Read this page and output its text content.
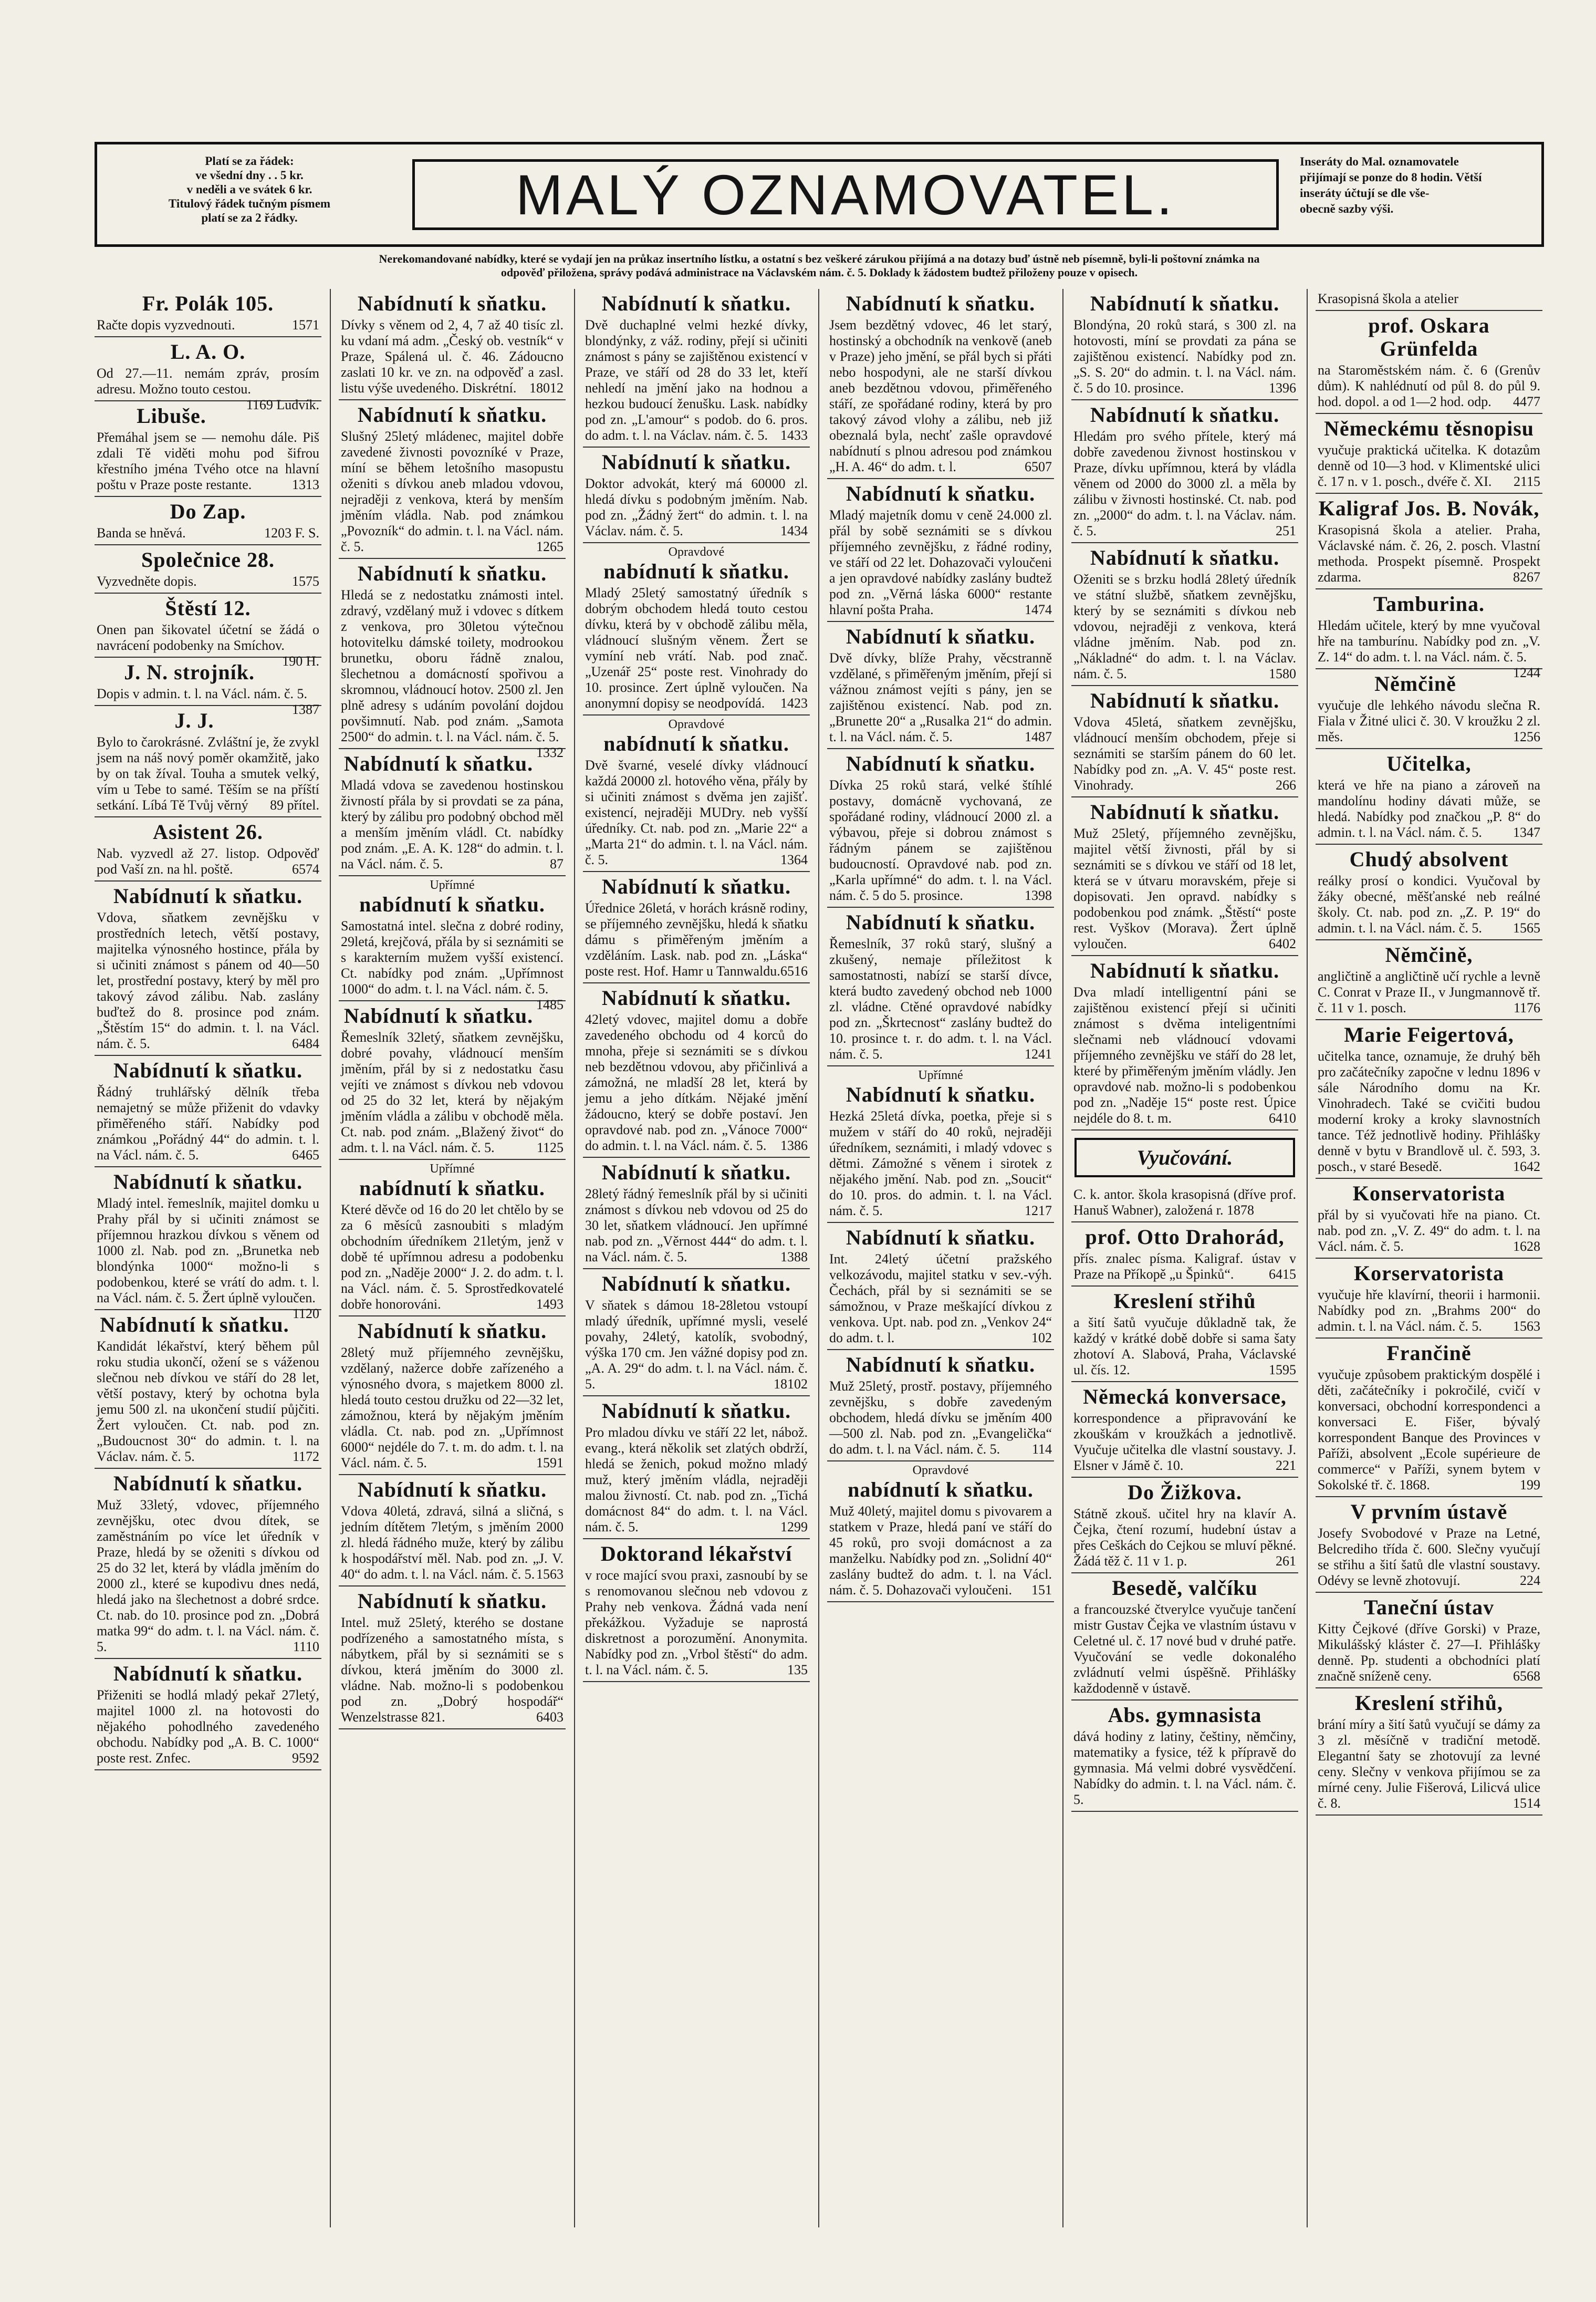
Platí se za řádek:
ve všední dny . . 5 kr.
v neděli a ve svátek 6 kr.
Titulový řádek tučným písmem
platí se za 2 řádky.	MALÝ OZNAMOVATEL.
Inseráty do Mal. oznamovatele
přijímají se ponze do 8 hodin. Větší
inseráty účtují se dle vše-
obecně sazby výši.
Nerekomandované nabídky, které se vydají jen na průkaz insertního lístku, a ostatní s bez veškeré zárukou přijímá a na dotazy buď ústně neb písemně, byli-li poštovní známka na
odpověď přiložena, správy podává administrace na Václavském nám. č. 5. Doklady k žádostem budtež přiloženy pouze v opisech.
Fr. Polák 105.

Račte dopis vyzvednouti.	1571

L. A. O.

Od 27.—11. nemám zpráv, prosím adresu. Možno touto cestou.
1169 Ludvík.

Libuše.

Přemáhal jsem se — nemohu dále. Piš zdali Tě viděti mohu pod šifrou křestního jména Tvého otce na hlavní poštu v Praze poste restante.	1313

Do Zap.

Banda se hněvá.	1203 F. S.

Společnice 28.

Vyzvedněte dopis.	1575

Štěstí 12.

Onen pan šikovatel účetní se žádá o navrácení podobenky na Smíchov.
190 H.

J. N. strojník.

Dopis v admin. t. l. na Václ. nám. č. 5.
1387

J. J.

Bylo to čarokrásné. Zvláštní je, že zvykl jsem na náš nový poměr okamžitě, jako by on tak žíval. Touha a smutek velký, vím u Tebe to samé. Těším se na příští setkání. Líbá Tě Tvůj věrný 89 přítel.

Asistent 26.

Nab. vyzvedl až 27. listop. Odpověď pod Vaší zn. na hl. poště.	6574

Nabídnutí k sňatku.

Vdova, sňatkem zevnějšku v prostředních letech, větší postavy, majitelka výnosného hostince, přála by si učiniti známost s pánem od 40—50 let, prostřední postavy, který by měl pro takový závod zálibu. Nab. zaslány buďtež do 8. prosince pod znám. „Štěstím 15“ do admin. t. l. na Václ. nám. č. 5.	6484

Nabídnutí k sňatku.

Řádný truhlářský dělník třeba nemajetný se může přiženit do vdavky přiměřeného stáří. Nabídky pod známkou „Pořádný 44“ do admin. t. l. na Václ. nám. č. 5.	6465

Nabídnutí k sňatku.

Mladý intel. řemeslník, majitel domku u Prahy přál by si učiniti známost se příjemnou hrazkou dívkou s věnem od 1000 zl. Nab. pod zn. „Brunetka neb blondýnka 1000“ možno-li s podobenkou, které se vrátí do adm. t. l. na Václ. nám. č. 5. Žert úplně vyloučen.
1120

Nabídnutí k sňatku.

Kandidát lékařství, který během půl roku studia ukončí, ožení se s váženou slečnou neb dívkou ve stáří do 28 let, větší postavy, který by ochotna byla jemu 500 zl. na ukončení studií půjčiti. Žert vyloučen. Ct. nab. pod zn. „Budoucnost 30“ do admin. t. l. na Václav. nám. č. 5.	1172

Nabídnutí k sňatku.

Muž 33letý, vdovec, příjemného zevnějšku, otec dvou dítek, se zaměstnáním po více let úředník v Praze, hledá by se oženiti s dívkou od 25 do 32 let, která by vládla jměním do 2000 zl., které se kupodivu dnes nedá, hledá jako na šlechetnost a dobré srdce. Ct. nab. do 10. prosince pod zn. „Dobrá matka 99“ do adm. t. l. na Václ. nám. č. 5.	1110

Nabídnutí k sňatku.

Přiženiti se hodlá mladý pekař 27letý, majitel 1000 zl. na hotovosti do nějakého pohodlného zavedeného obchodu. Nabídky pod „A. B. C. 1000“ poste rest. Znfec.	9592

Nabídnutí k sňatku.

Dívky s věnem od 2, 4, 7 až 40 tisíc zl. ku vdaní má adm. „Český ob. vestník“ v Praze, Spálená ul. č. 46. Zádoucno zaslati 10 kr. ve zn. na odpověď a zasl. listu výše uvedeného. Diskrétní. 18012

Nabídnutí k sňatku.

Slušný 25letý mládenec, majitel dobře zavedené živnosti povozníké v Praze, míní se během letošního masopustu oženiti s dívkou aneb mladou vdovou, nejraději z venkova, která by menším jměním vládla. Nab. pod známkou „Povozník“ do admin. t. l. na Václ. nám. č. 5.	1265

Nabídnutí k sňatku.

Hledá se z nedostatku známosti intel. zdravý, vzdělaný muž i vdovec s dítkem z venkova, pro 30letou výtečnou hotovitelku dámské toilety, modrookou brunetku, oboru řádně znalou, šlechetnou a domácností spořivou a skromnou, vládnoucí hotov. 2500 zl. Jen plně adresy s udáním povolání dojdou povšimnutí. Nab. pod znám. „Samota 2500“ do admin. t. l. na Václ. nám. č. 5.
1332

Nabídnutí k sňatku.

Mladá vdova se zavedenou hostinskou živností přála by si provdati se za pána, který by zálibu pro podobný obchod měl a menším jměním vládl. Ct. nabídky pod znám. „E. A. K. 128“ do admin. t. l. na Václ. nám. č. 5.	87

Upřímné
nabídnutí k sňatku.

Samostatná intel. slečna z dobré rodiny, 29letá, krejčová, přála by si seznámiti se s karakterním mužem vyšší existencí. Ct. nabídky pod znám. „Upřímnost 1000“ do adm. t. l. na Václ. nám. č. 5.
1485

Nabídnutí k sňatku.

Řemeslník 32letý, sňatkem zevnějšku, dobré povahy, vládnoucí menším jměním, přál by si z nedostatku času vejíti ve známost s dívkou neb vdovou od 25 do 32 let, která by nějakým jměním vládla a zálibu v obchodě měla. Ct. nab. pod znám. „Blažený život“ do adm. t. l. na Václ. nám. č. 5.	1125

Upřímné
nabídnutí k sňatku.

Které děvče od 16 do 20 let chtělo by se za 6 měsíců zasnoubiti s mladým obchodním úředníkem 21letým, jenž v době té upřímnou adresu a podobenku pod zn. „Naděje 2000“ J. 2. do adm. t. l. na Václ. nám. č. 5. Sprostředkovatelé dobře honorováni.	1493

Nabídnutí k sňatku.

28letý muž příjemného zevnějšku, vzdělaný, nažerce dobře zařízeného a výnosného dvora, s majetkem 8000 zl. hledá touto cestou družku od 22—32 let, zámožnou, která by nějakým jměním vládla. Ct. nab. pod zn. „Upřímnost 6000“ nejdéle do 7. t. m. do adm. t. l. na Václ. nám. č. 5.	1591

Nabídnutí k sňatku.

Vdova 40letá, zdravá, silná a sličná, s jedním dítětem 7letým, s jměním 2000 zl. hledá řádného muže, který by zálibu k hospodářství měl. Nab. pod zn. „J. V. 40“ do adm. t. l. na Václ. nám. č. 5. 1563

Nabídnutí k sňatku.

Intel. muž 25letý, kterého se dostane podřízeného a samostatného místa, s nábytkem, přál by si seznámiti se s dívkou, která jměním do 3000 zl. vládne. Nab. možno-li s podobenkou pod zn. „Dobrý hospodář“ Wenzelstrasse 821.	6403

Nabídnutí k sňatku.

Dvě duchaplné velmi hezké dívky, blondýnky, z váž. rodiny, přejí si učiniti známost s pány se zajištěnou existencí v Praze, ve stáří od 28 do 33 let, kteří nehledí na jmění jako na hodnou a hezkou budoucí ženušku. Lask. nabídky pod zn. „L'amour“ s podob. do 6. pros. do adm. t. l. na Václav. nám. č. 5. 1433

Nabídnutí k sňatku.

Doktor advokát, který má 60000 zl. hledá dívku s podobným jměním. Nab. pod zn. „Žádný žert“ do admin. t. l. na Václav. nám. č. 5.	1434

Opravdové
nabídnutí k sňatku.

Mladý 25letý samostatný úředník s dobrým obchodem hledá touto cestou dívku, která by v obchodě zálibu měla, vládnoucí slušným věnem. Žert se vymíní neb vrátí. Nab. pod znač. „Uzenář 25“ poste rest. Vinohrady do 10. prosince. Zert úplně vyloučen. Na anonymní dopisy se neodpovídá. 1423

Opravdové
nabídnutí k sňatku.

Dvě švarné, veselé dívky vládnoucí každá 20000 zl. hotového věna, přály by si učiniti známost s dvěma jen zajišť. existencí, nejraději MUDry. neb vyšší úředníky. Ct. nab. pod zn. „Marie 22“ a „Marta 21“ do admin. t. l. na Václ. nám. č. 5.	1364

Nabídnutí k sňatku.

Úřednice 26letá, v horách krásně rodiny, se příjemného zevnějšku, hledá k sňatku dámu s přiměřeným jměním a vzděláním. Lask. nab. pod zn. „Láska“ poste rest. Hof. Hamr u Tannwaldu. 6516

Nabídnutí k sňatku.

42letý vdovec, majitel domu a dobře zavedeného obchodu od 4 korců do mnoha, přeje si seznámiti se s dívkou neb bezdětnou vdovou, aby přičinlivá a zámožná, ne mladší 28 let, která by jemu a jeho dítkám. Nějaké jmění žádoucno, který se dobře postaví. Jen opravdové nab. pod zn. „Vánoce 7000“ do admin. t. l. na Václ. nám. č. 5. 1386

Nabídnutí k sňatku.

28letý řádný řemeslník přál by si učiniti známost s dívkou neb vdovou od 25 do 30 let, sňatkem vládnoucí. Jen upřímné nab. pod zn. „Věrnost 444“ do adm. t. l. na Václ. nám. č. 5.	1388

Nabídnutí k sňatku.

V sňatek s dámou 18-28letou vstoupí mladý úředník, upřímné mysli, veselé povahy, 24letý, katolík, svobodný, výška 170 cm. Jen vážné dopisy pod zn. „A. A. 29“ do adm. t. l. na Václ. nám. č. 5.	18102

Nabídnutí k sňatku.

Pro mladou dívku ve stáří 22 let, nábož. evang., která několik set zlatých obdrží, hledá se ženich, pokud možno mladý muž, který jměním vládla, nejraději malou živností. Ct. nab. pod zn. „Tichá domácnost 84“ do adm. t. l. na Václ. nám. č. 5.	1299

Doktorand lékařství

v roce mající svou praxi, zasnoubí by se s renomovanou slečnou neb vdovou z Prahy neb venkova. Žádná vada není překážkou. Vyžaduje se naprostá diskretnost a porozumění. Anonymita. Nabídky pod zn. „Vrbol štěstí“ do adm. t. l. na Václ. nám. č. 5.	135

Nabídnutí k sňatku.

Jsem bezdětný vdovec, 46 let starý, hostinský a obchodník na venkově (aneb v Praze) jeho jmění, se přál bych si přáti nebo hospodyni, ale ne starší dívkou aneb bezdětnou vdovou, přiměřeného stáří, ze spořádané rodiny, která by pro takový závod vlohy a zálibu, neb již obeznalá byla, nechť zašle opravdové nabídnutí s plnou adresou pod známkou „H. A. 46“ do adm. t. l.	6507

Nabídnutí k sňatku.

Mladý majetník domu v ceně 24.000 zl. přál by sobě seznámiti se s dívkou příjemného zevnějšku, z řádné rodiny, ve stáří od 22 let. Dohazovači vyloučeni a jen opravdové nabídky zaslány budtež pod zn. „Věrná láska 6000“ restante hlavní pošta Praha.	1474

Nabídnutí k sňatku.

Dvě dívky, blíže Prahy, věcstranně vzdělané, s přiměřeným jměním, přejí si vážnou známost vejíti s pány, jen se zajištěnou existencí. Nab. pod zn. „Brunette 20“ a „Rusalka 21“ do admin. t. l. na Václ. nám. č. 5.	1487

Nabídnutí k sňatku.

Dívka 25 roků stará, velké štíhlé postavy, domácně vychovaná, ze spořádané rodiny, vládnoucí 2000 zl. a výbavou, přeje si dobrou známost s řádným pánem se zajištěnou budoucností. Opravdové nab. pod zn. „Karla upřímné“ do adm. t. l. na Václ. nám. č. 5 do 5. prosince.	1398

Nabídnutí k sňatku.

Řemeslník, 37 roků starý, slušný a zkušený, nemaje příležitost k samostatnosti, nabízí se starší dívce, která budto zavedený obchod neb 1000 zl. vládne. Ctěné opravdové nabídky pod zn. „Škrtecnost“ zaslány budtež do 10. prosince t. r. do adm. t. l. na Václ. nám. č. 5.	1241

Upřímné
Nabídnutí k sňatku.

Hezká 25letá dívka, poetka, přeje si s mužem v stáří do 40 roků, nejraději úředníkem, seznámiti, i mladý vdovec s dětmi. Zámožné s věnem i sirotek z nějakého jmění. Nab. pod zn. „Soucit“ do 10. pros. do admin. t. l. na Václ. nám. č. 5.	1217

Nabídnutí k sňatku.

Int. 24letý účetní pražského velkozávodu, majitel statku v sev.-výh. Čechách, přál by si seznámiti se se sámožnou, v Praze meškající dívkou z venkova. Upt. nab. pod zn. „Venkov 24“ do adm. t. l.	102

Nabídnutí k sňatku.

Muž 25letý, prostř. postavy, příjemného zevnějšku, s dobře zavedeným obchodem, hledá dívku se jměním 400—500 zl. Nab. pod zn. „Evangelička“ do adm. t. l. na Václ. nám. č. 5. 114

Opravdové
nabídnutí k sňatku.

Muž 40letý, majitel domu s pivovarem a statkem v Praze, hledá paní ve stáří do 45 roků, pro svoji domácnost a za manželku. Nabídky pod zn. „Solidní 40“ zaslány budtež do adm. t. l. na Václ. nám. č. 5. Dohazovači vyloučeni. 151

Nabídnutí k sňatku.

Blondýna, 20 roků stará, s 300 zl. na hotovosti, míní se provdati za pána se zajištěnou existencí. Nabídky pod zn. „S. S. 20“ do admin. t. l. na Václ. nám. č. 5 do 10. prosince.	1396

Nabídnutí k sňatku.

Hledám pro svého přítele, který má dobře zavedenou živnost hostinskou v Praze, dívku upřímnou, která by vládla věnem od 2000 do 3000 zl. a měla by zálibu v živnosti hostinské. Ct. nab. pod zn. „2000“ do adm. t. l. na Václav. nám. č. 5.	251

Nabídnutí k sňatku.

Oženiti se s brzku hodlá 28letý úředník ve státní službě, sňatkem zevnějšku, který by se seznámiti s dívkou neb vdovou, nejraději z venkova, která vládne jměním. Nab. pod zn. „Nákladné“ do adm. t. l. na Václav. nám. č. 5.	1580

Nabídnutí k sňatku.

Vdova 45letá, sňatkem zevnějšku, vládnoucí menším obchodem, přeje si seznámiti se starším pánem do 60 let. Nabídky pod zn. „A. V. 45“ poste rest. Vinohrady.	266

Nabídnutí k sňatku.

Muž 25letý, příjemného zevnějšku, majitel větší živnosti, přál by si seznámiti se s dívkou ve stáří od 18 let, která se v útvaru moravském, přeje si dopisovati. Jen opravd. nabídky s podobenkou pod známk. „Štěstí“ poste rest. Vyškov (Morava). Žert úplně vyloučen.	6402

Nabídnutí k sňatku.

Dva mladí intelligentní páni se zajištěnou existencí přejí si učiniti známost s dvěma inteligentními slečnami neb vládnoucí vdovami příjemného zevnějšku ve stáří do 28 let, které by přiměřeným jměním vládly. Jen opravdové nab. možno-li s podobenkou pod zn. „Naděje 15“ poste rest. Úpice nejdéle do 8. t. m.	6410

Vyučování.

C. k. antor. škola krasopisná (dříve prof. Hanuš Wabner), založená r. 1878

prof. Otto Drahorád,

přís. znalec písma. Kaligraf. ústav v Praze na Příkopě „u Špinků“.	6415

Kreslení střihů

a šití šatů vyučuje důkladně tak, že každý v krátké době dobře si sama šaty zhotoví A. Slabová, Praha, Václavské ul. čís. 12.	1595

Německá konversace,

korrespondence a připravování ke zkouškám v kroužkách a jednotlivě. Vyučuje učitelka dle vlastní soustavy. J. Elsner v Jámě č. 10.	221

Do Žižkova.

Státně zkouš. učitel hry na klavír A. Čejka, čtení rozumí, hudební ústav a přes Ceškách do Cejkou se mluví pěkné. Žádá těž č. 11 v 1. p.	261

Besedě, valčíku

a francouzské čtverylce vyučuje tančení mistr Gustav Čejka ve vlastním ústavu v Celetné ul. č. 17 nové bud v druhé patře. Vyučování se vedle dokonalého zvládnutí velmi úspěšně. Přihlášky každodenně v ústavě.

Abs. gymnasista

dává hodiny z latiny, češtiny, němčiny, matematiky a fysice, též k přípravě do gymnasia. Má velmi dobré vysvědčení. Nabídky do admin. t. l. na Václ. nám. č. 5.

Krasopisná škola a atelier

prof. Oskara Grünfelda

na Staroměstském nám. č. 6 (Grenův dům). K nahlédnutí od půl 8. do půl 9. hod. dopol. a od 1—2 hod. odp. 4477

Německému těsnopisu

vyučuje praktická učitelka. K dotazům denně od 10—3 hod. v Klimentské ulici č. 17 n. v 1. posch., dvéře č. XI. 2115

Kaligraf Jos. B. Novák,

Krasopisná škola a atelier. Praha, Václavské nám. č. 26, 2. posch. Vlastní methoda. Prospekt písemně. Prospekt zdarma.	8267

Tamburina.

Hledám učitele, který by mne vyučoval hře na tamburínu. Nabídky pod zn. „V. Z. 14“ do adm. t. l. na Václ. nám. č. 5.
1244

Němčině

vyučuje dle lehkého návodu slečna R. Fiala v Žitné ulici č. 30. V kroužku 2 zl. měs.	1256

Učitelka,

která ve hře na piano a zároveň na mandolínu hodiny dávati může, se hledá. Nabídky pod značkou „P. 8“ do admin. t. l. na Václ. nám. č. 5. 1347

Chudý absolvent

reálky prosí o kondici. Vyučoval by žáky obecné, měšťanské neb reálné školy. Ct. nab. pod zn. „Z. P. 19“ do admin. t. l. na Václ. nám. č. 5. 1565

Němčině,

angličtině a angličtině učí rychle a levně C. Conrat v Praze II., v Jungmannově tř. č. 11 v 1. posch.	1176

Marie Feigertová,

učitelka tance, oznamuje, že druhý běh pro začátečníky započne v lednu 1896 v sále Národního domu na Kr. Vinohradech. Také se cvičiti budou moderní kroky a kroky slavnostních tance. Též jednotlivě hodiny. Přihlášky denně v bytu v Brandlově ul. č. 593, 3. posch., v staré Besedě.	1642

Konservatorista

přál by si vyučovati hře na piano. Ct. nab. pod zn. „V. Z. 49“ do adm. t. l. na Václ. nám. č. 5.	1628

Korservatorista

vyučuje hře klavírní, theorii i harmonii. Nabídky pod zn. „Brahms 200“ do admin. t. l. na Václ. nám. č. 5. 1563

Frančině

vyučuje způsobem praktickým dospělé i děti, začátečníky i pokročilé, cvičí v konversaci, obchodní korrespondenci a konversaci E. Fišer, bývalý korrespondent Banque des Provinces v Paříži, absolvent „Ecole supérieure de commerce“ v Paříži, synem bytem v Sokolské tř. č. 1868.	199

V prvním ústavě

Josefy Svobodové v Praze na Letné, Belcrediho třída č. 600. Slečny vyučují se střihu a šití šatů dle vlastní soustavy. Odévy se levně zhotovují.	224

Taneční ústav

Kitty Čejkové (dříve Gorski) v Praze, Mikulášský kláster č. 27—I. Přihlášky denně. Pp. studenti a obchodníci platí značně sníženě ceny.	6568

Kreslení střihů,

brání míry a šití šatů vyučují se dámy za 3 zl. měsíčně v tradiční metodě. Elegantní šaty se zhotovují za levné ceny. Slečny v venkova přijímou se za mírné ceny. Julie Fišerová, Lilicvá ulice č. 8.	1514
